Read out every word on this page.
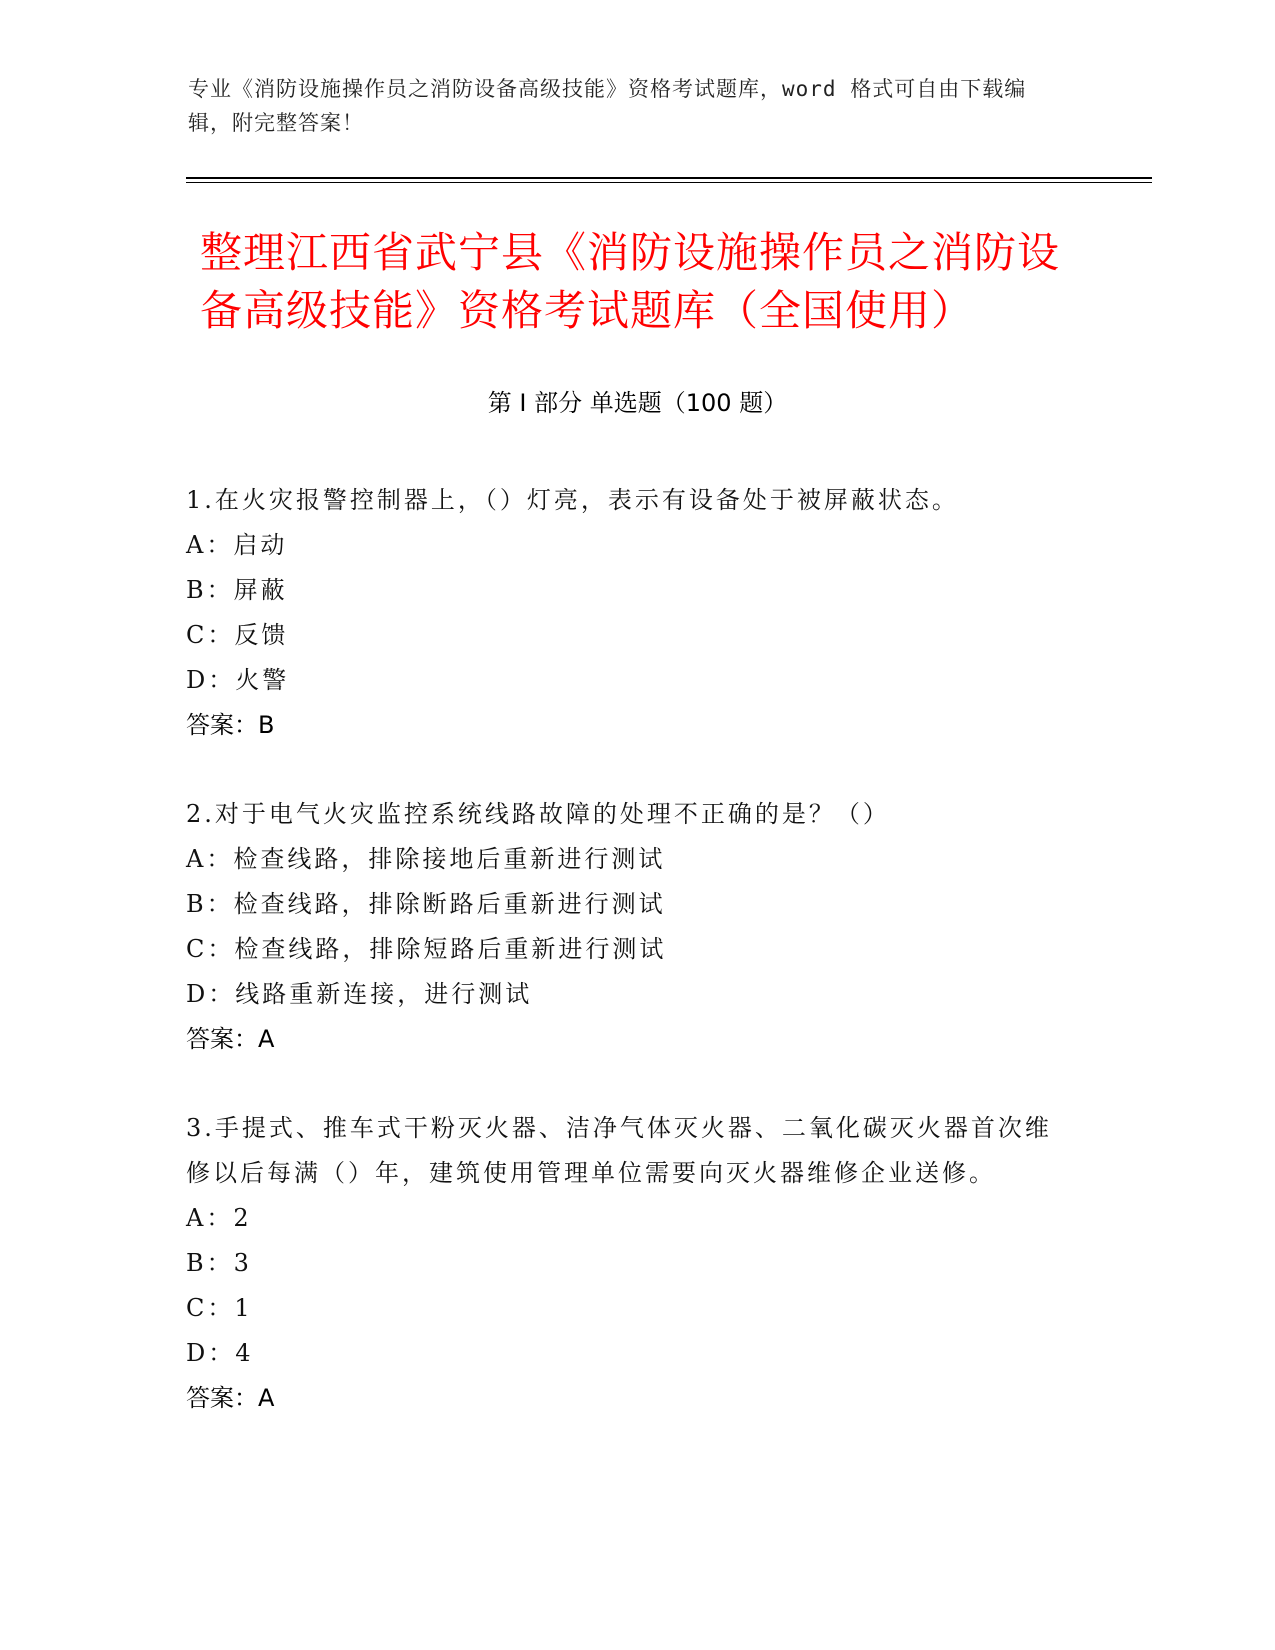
专业《消防设施操作员之消防设备高级技能》资格考试题库，word 格式可自由下载编辑，附完整答案！
整理江西省武宁县《消防设施操作员之消防设备高级技能》资格考试题库（全国使用）
第 I 部分 单选题（100 题）
1.在火灾报警控制器上，（）灯亮，表示有设备处于被屏蔽状态。
A：启动
B：屏蔽
C：反馈
D：火警
答案：B
2.对于电气火灾监控系统线路故障的处理不正确的是？（）
A：检查线路，排除接地后重新进行测试
B：检查线路，排除断路后重新进行测试
C：检查线路，排除短路后重新进行测试
D：线路重新连接，进行测试
答案：A
3.手提式、推车式干粉灭火器、洁净气体灭火器、二氧化碳灭火器首次维修以后每满（）年，建筑使用管理单位需要向灭火器维修企业送修。
A：2
B：3
C：1
D：4
答案：A
